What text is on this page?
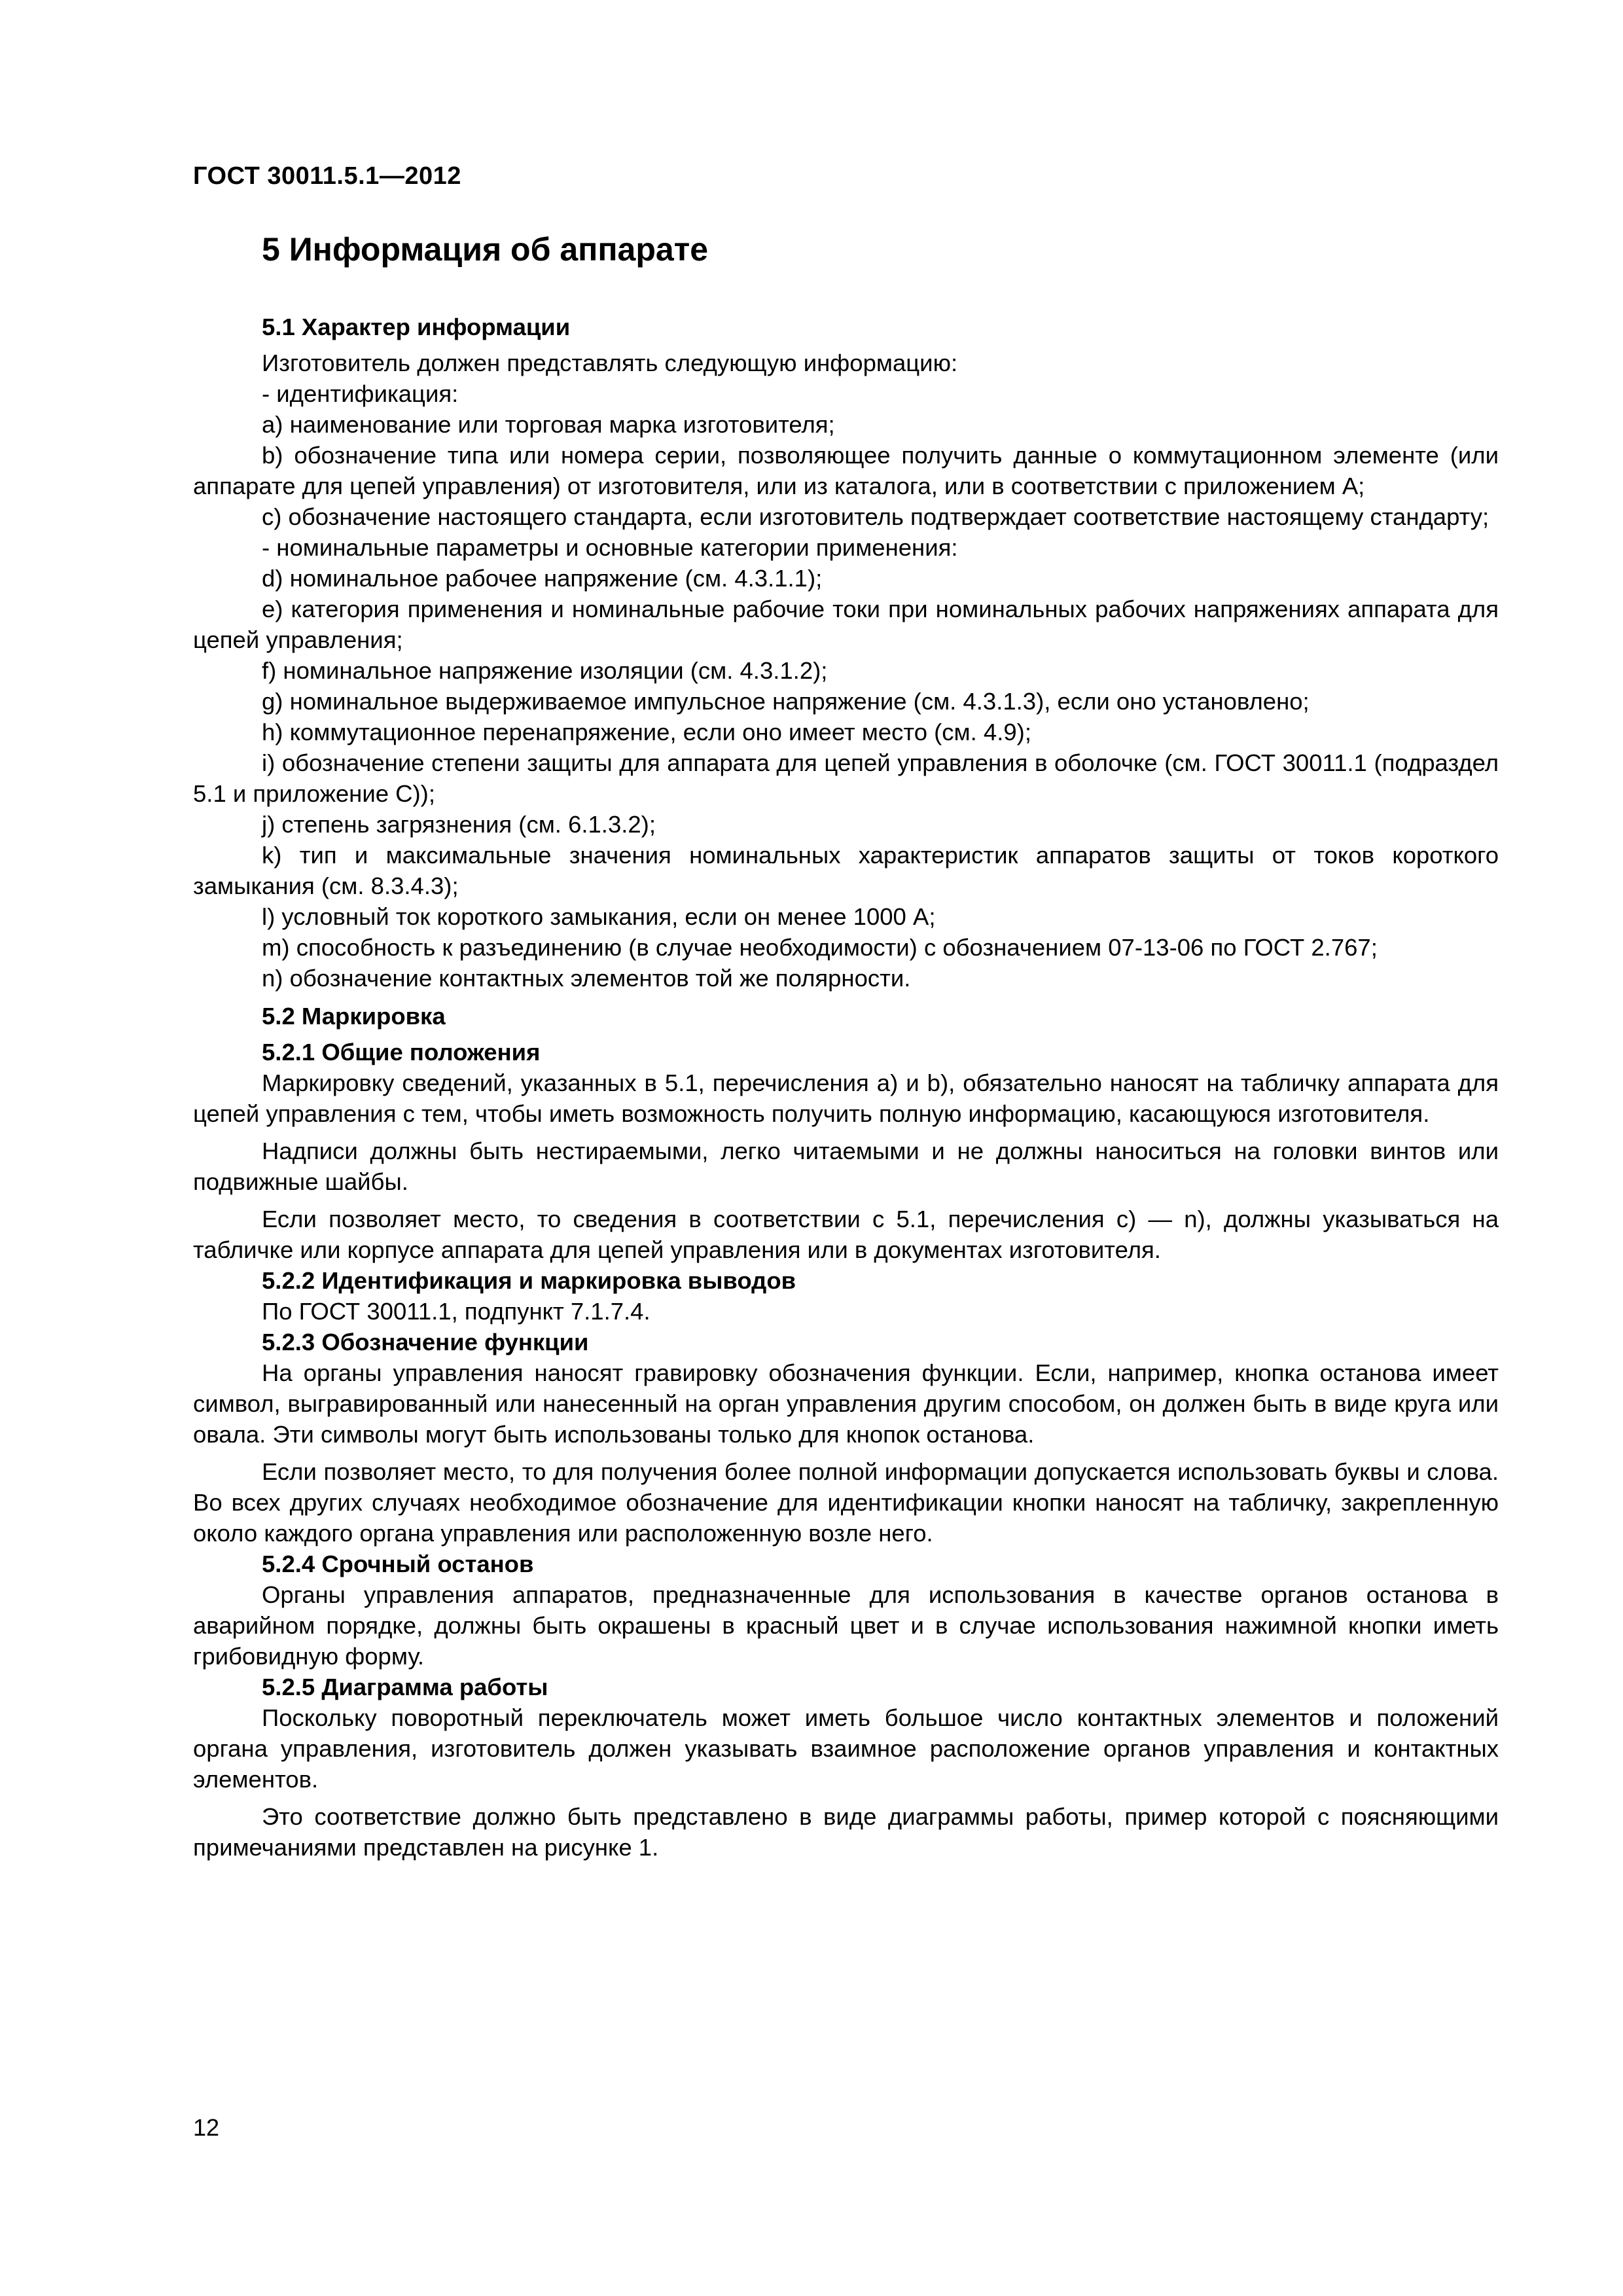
ГОСТ 30011.5.1—2012
5 Информация об аппарате

5.1 Характер информации

Изготовитель должен представлять следующую информацию:

- идентификация:

а) наименование или торговая марка изготовителя;

b) обозначение типа или номера серии, позволяющее получить данные о коммутационном элементе (или аппарате для цепей управления) от изготовителя, или из каталога, или в соответствии с приложением А;

с) обозначение настоящего стандарта, если изготовитель подтверждает соответствие настоящему стандарту;

- номинальные параметры и основные категории применения:

d) номинальное рабочее напряжение (см. 4.3.1.1);

е) категория применения и номинальные рабочие токи при номинальных рабочих напряжениях аппарата для цепей управления;

f) номинальное напряжение изоляции (см. 4.3.1.2);

g) номинальное выдерживаемое импульсное напряжение (см. 4.3.1.3), если оно установлено;

h) коммутационное перенапряжение, если оно имеет место (см. 4.9);

i) обозначение степени защиты для аппарата для цепей управления в оболочке (см. ГОСТ 30011.1 (подраздел 5.1 и приложение С));

j) степень загрязнения (см. 6.1.3.2);

k) тип и максимальные значения номинальных характеристик аппаратов защиты от токов короткого замыкания (см. 8.3.4.3);

l) условный ток короткого замыкания, если он менее 1000 А;

m) способность к разъединению (в случае необходимости) с обозначением 07-13-06 по ГОСТ 2.767;

n) обозначение контактных элементов той же полярности.

5.2 Маркировка

5.2.1 Общие положения

Маркировку сведений, указанных в 5.1, перечисления а) и b), обязательно наносят на табличку аппарата для цепей управления с тем, чтобы иметь возможность получить полную информацию, касающуюся изготовителя.

Надписи должны быть нестираемыми, легко читаемыми и не должны наноситься на головки винтов или подвижные шайбы.

Если позволяет место, то сведения в соответствии с 5.1, перечисления с) — n), должны указываться на табличке или корпусе аппарата для цепей управления или в документах изготовителя.

5.2.2 Идентификация и маркировка выводов

По ГОСТ 30011.1, подпункт 7.1.7.4.

5.2.3 Обозначение функции

На органы управления наносят гравировку обозначения функции. Если, например, кнопка останова имеет символ, выгравированный или нанесенный на орган управления другим способом, он должен быть в виде круга или овала. Эти символы могут быть использованы только для кнопок останова.

Если позволяет место, то для получения более полной информации допускается использовать буквы и слова. Во всех других случаях необходимое обозначение для идентификации кнопки наносят на табличку, закрепленную около каждого органа управления или расположенную возле него.

5.2.4 Срочный останов

Органы управления аппаратов, предназначенные для использования в качестве органов останова в аварийном порядке, должны быть окрашены в красный цвет и в случае использования нажимной кнопки иметь грибовидную форму.

5.2.5 Диаграмма работы

Поскольку поворотный переключатель может иметь большое число контактных элементов и положений органа управления, изготовитель должен указывать взаимное расположение органов управления и контактных элементов.

Это соответствие должно быть представлено в виде диаграммы работы, пример которой с поясняющими примечаниями представлен на рисунке 1.

12
